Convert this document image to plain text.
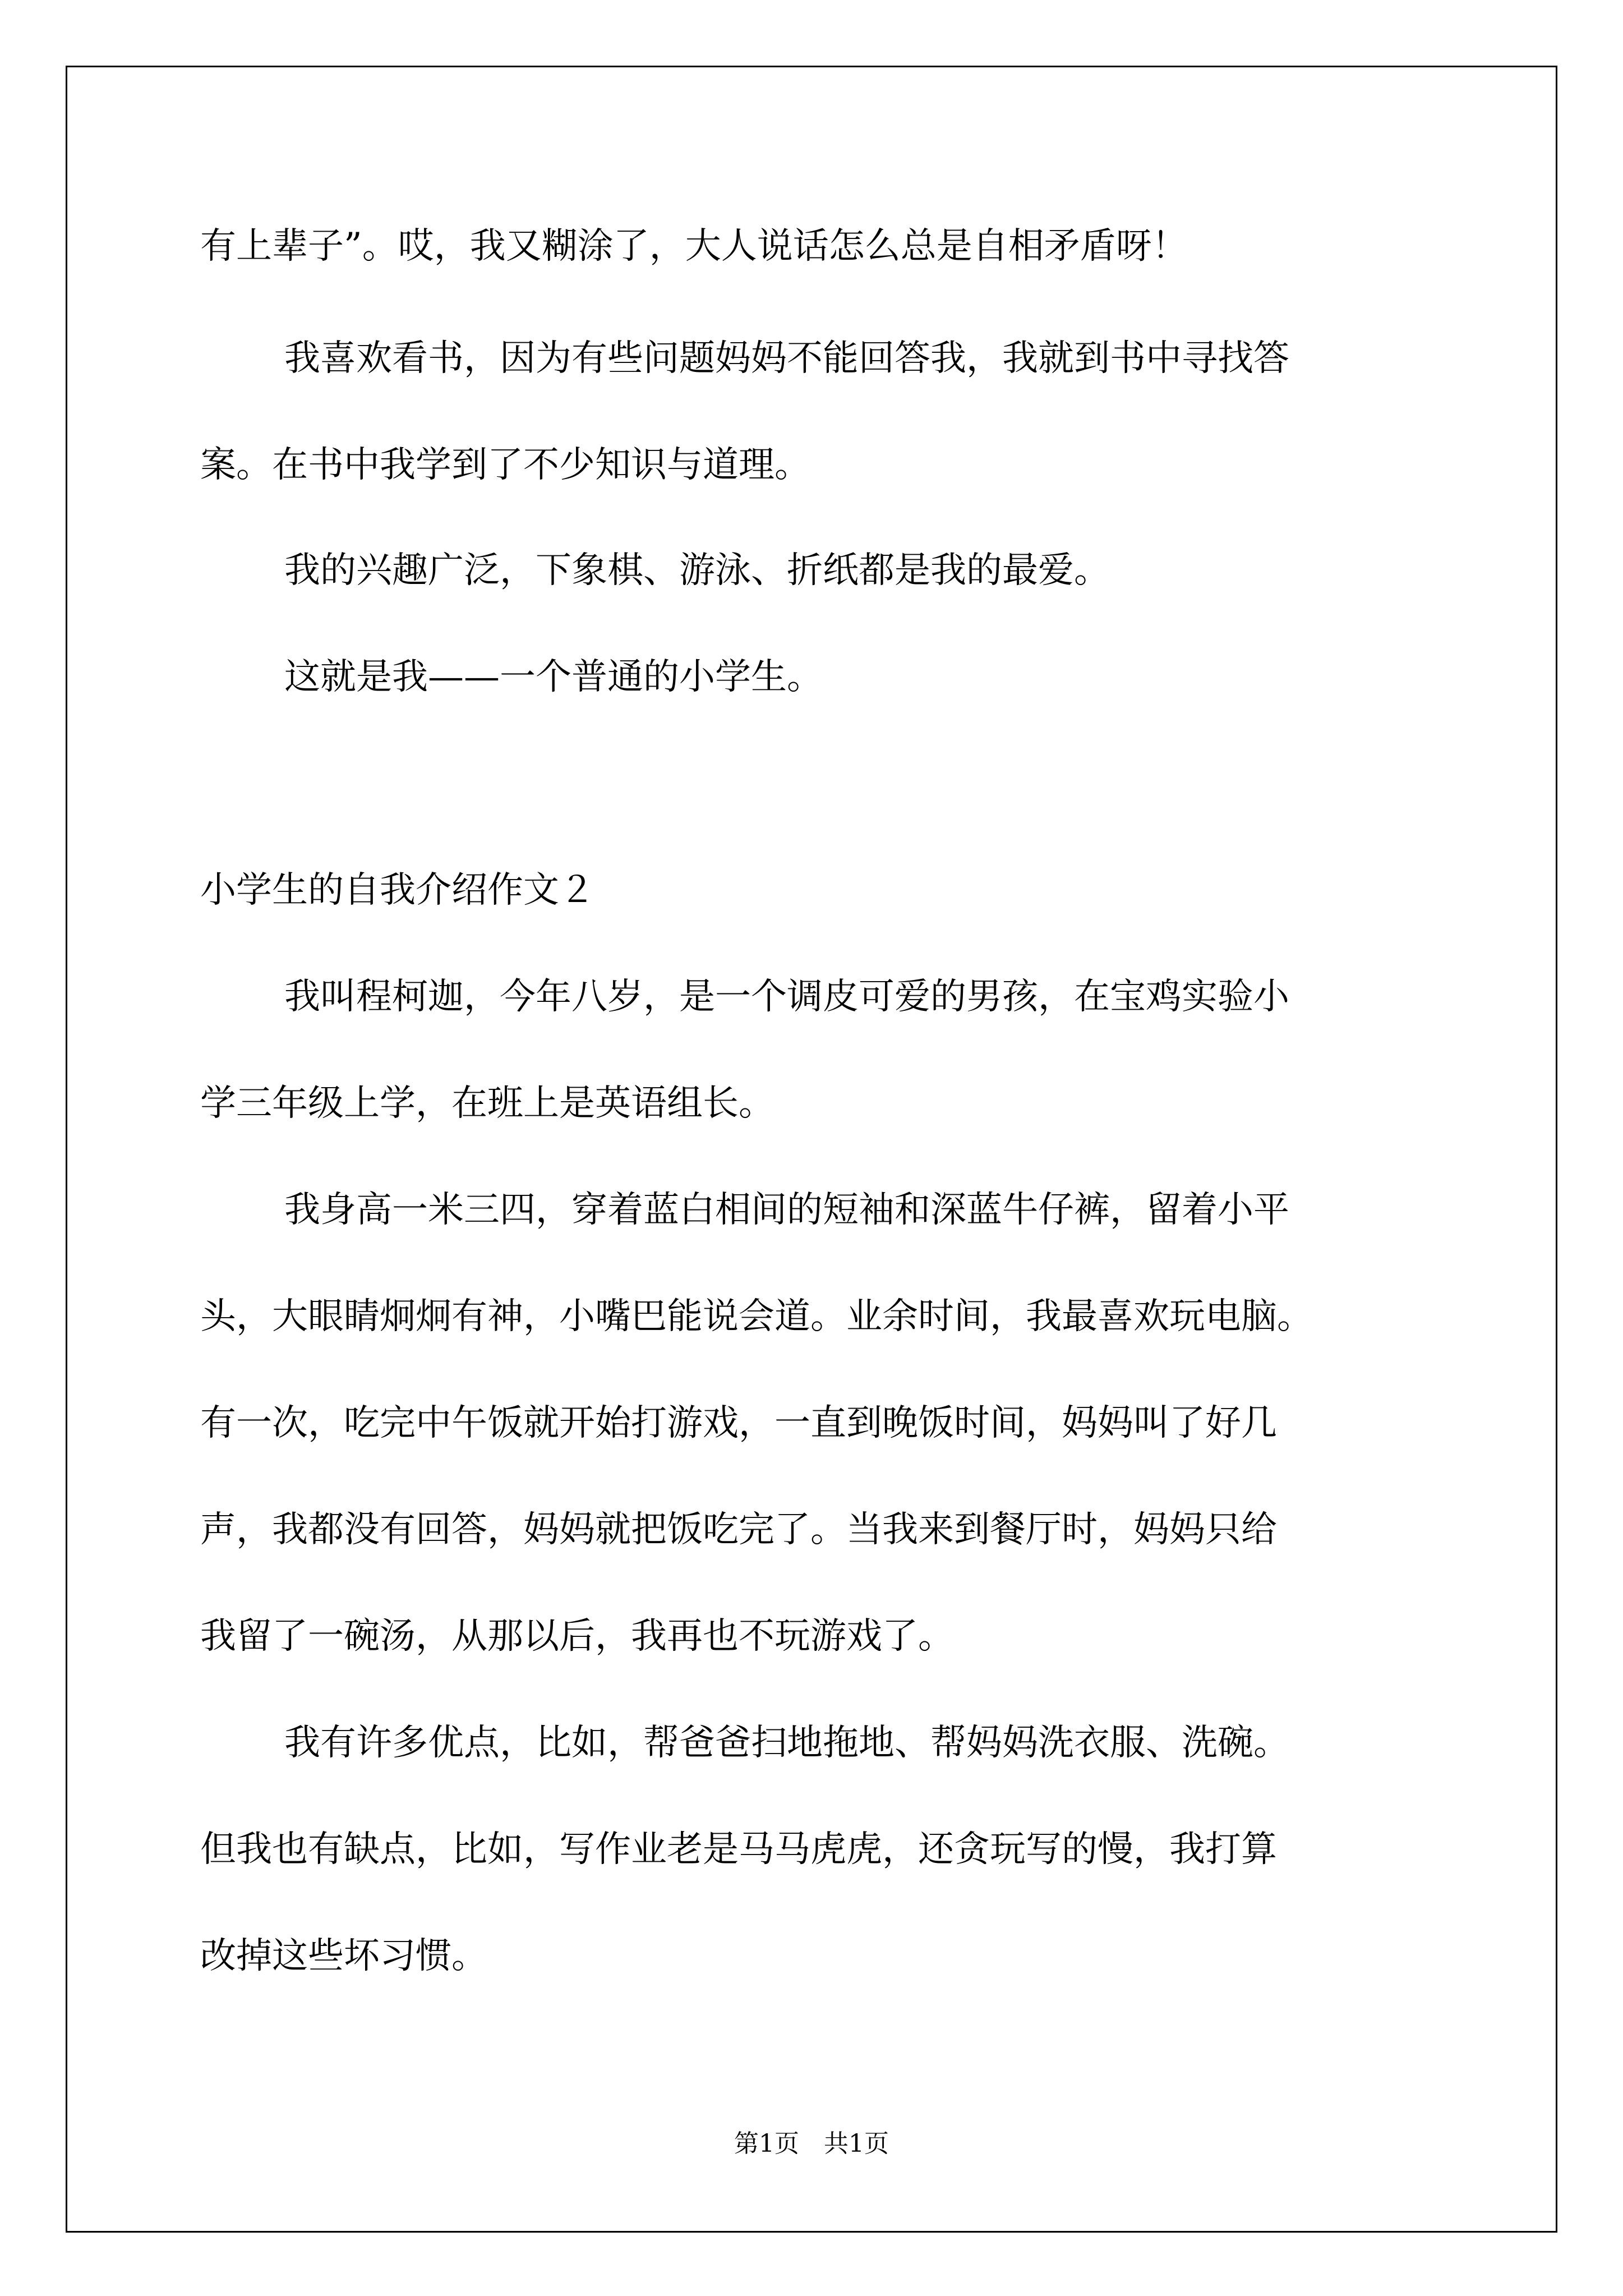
有上辈子”。哎，我又糊涂了，大人说话怎么总是自相矛盾呀！
我喜欢看书，因为有些问题妈妈不能回答我，我就到书中寻找答
案。在书中我学到了不少知识与道理。
我的兴趣广泛，下象棋、游泳、折纸都是我的最爱。
这就是我——一个普通的小学生。
小学生的自我介绍作文２
我叫程柯迦，今年八岁，是一个调皮可爱的男孩，在宝鸡实验小
学三年级上学，在班上是英语组长。
我身高一米三四，穿着蓝白相间的短袖和深蓝牛仔裤，留着小平
头，大眼睛炯炯有神，小嘴巴能说会道。业余时间，我最喜欢玩电脑。
有一次，吃完中午饭就开始打游戏，一直到晚饭时间，妈妈叫了好几
声，我都没有回答，妈妈就把饭吃完了。当我来到餐厅时，妈妈只给
我留了一碗汤，从那以后，我再也不玩游戏了。
我有许多优点，比如，帮爸爸扫地拖地、帮妈妈洗衣服、洗碗。
但我也有缺点，比如，写作业老是马马虎虎，还贪玩写的慢，我打算
改掉这些坏习惯。
第1页　共1页
